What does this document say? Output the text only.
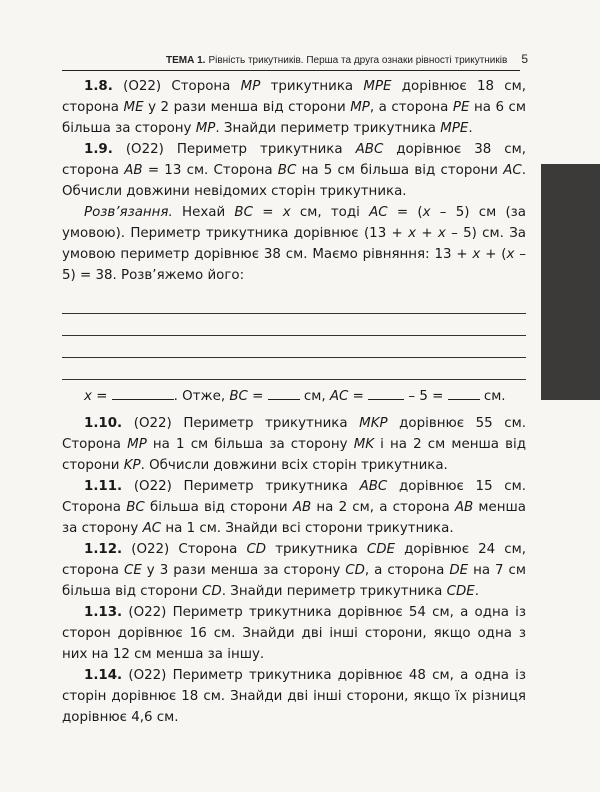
ТЕМА 1. Рівність трикутників. Перша та друга ознаки рівності трикутників 5

1.8. (О22) Сторона MP трикутника MPE дорівнює 18 см, сторона ME у 2 рази менша від сторони MP, а сторона PE на 6 см більша за сторону MP. Знайди периметр трикутника MPE.

1.9. (О22) Периметр трикутника ABC дорівнює 38 см, сторона AB = 13 см. Сторона BC на 5 см більша від сторони AC. Обчисли довжини невідомих сторін трикутника.

Розв’язання. Нехай BC = x см, тоді AC = (x – 5) см (за умовою). Периметр трикутника дорівнює (13 + x + x – 5) см. За умовою периметр дорівнює 38 см. Маємо рівняння: 13 + x + (x – 5) = 38. Розв’яжемо його:

x =	. Отже, BC =  см, AC =	– 5 =  см.

1.10. (О22) Периметр трикутника MKP дорівнює 55 см. Сторона MP на 1 см більша за сторону MK і на 2 см менша від сторони KP. Обчисли довжини всіх сторін трикутника.

1.11. (О22) Периметр трикутника ABC дорівнює 15 см. Сторона BC більша від сторони AB на 2 см, а сторона AB менша за сторону AC на 1 см. Знайди всі сторони трикутника.

1.12. (О22) Сторона CD трикутника CDE дорівнює 24 см, сторона CE у 3 рази менша за сторону CD, а сторона DE на 7 см більша від сторони CD. Знайди периметр трикутника CDE.

1.13. (О22) Периметр трикутника дорівнює 54 см, а одна із сторон дорівнює 16 см. Знайди дві інші сторони, якщо одна з них на 12 см менша за іншу.

1.14. (О22) Периметр трикутника дорівнює 48 см, а одна із сторін дорівнює 18 см. Знайди дві інші сторони, якщо їх різниця дорівнює 4,6 см.
